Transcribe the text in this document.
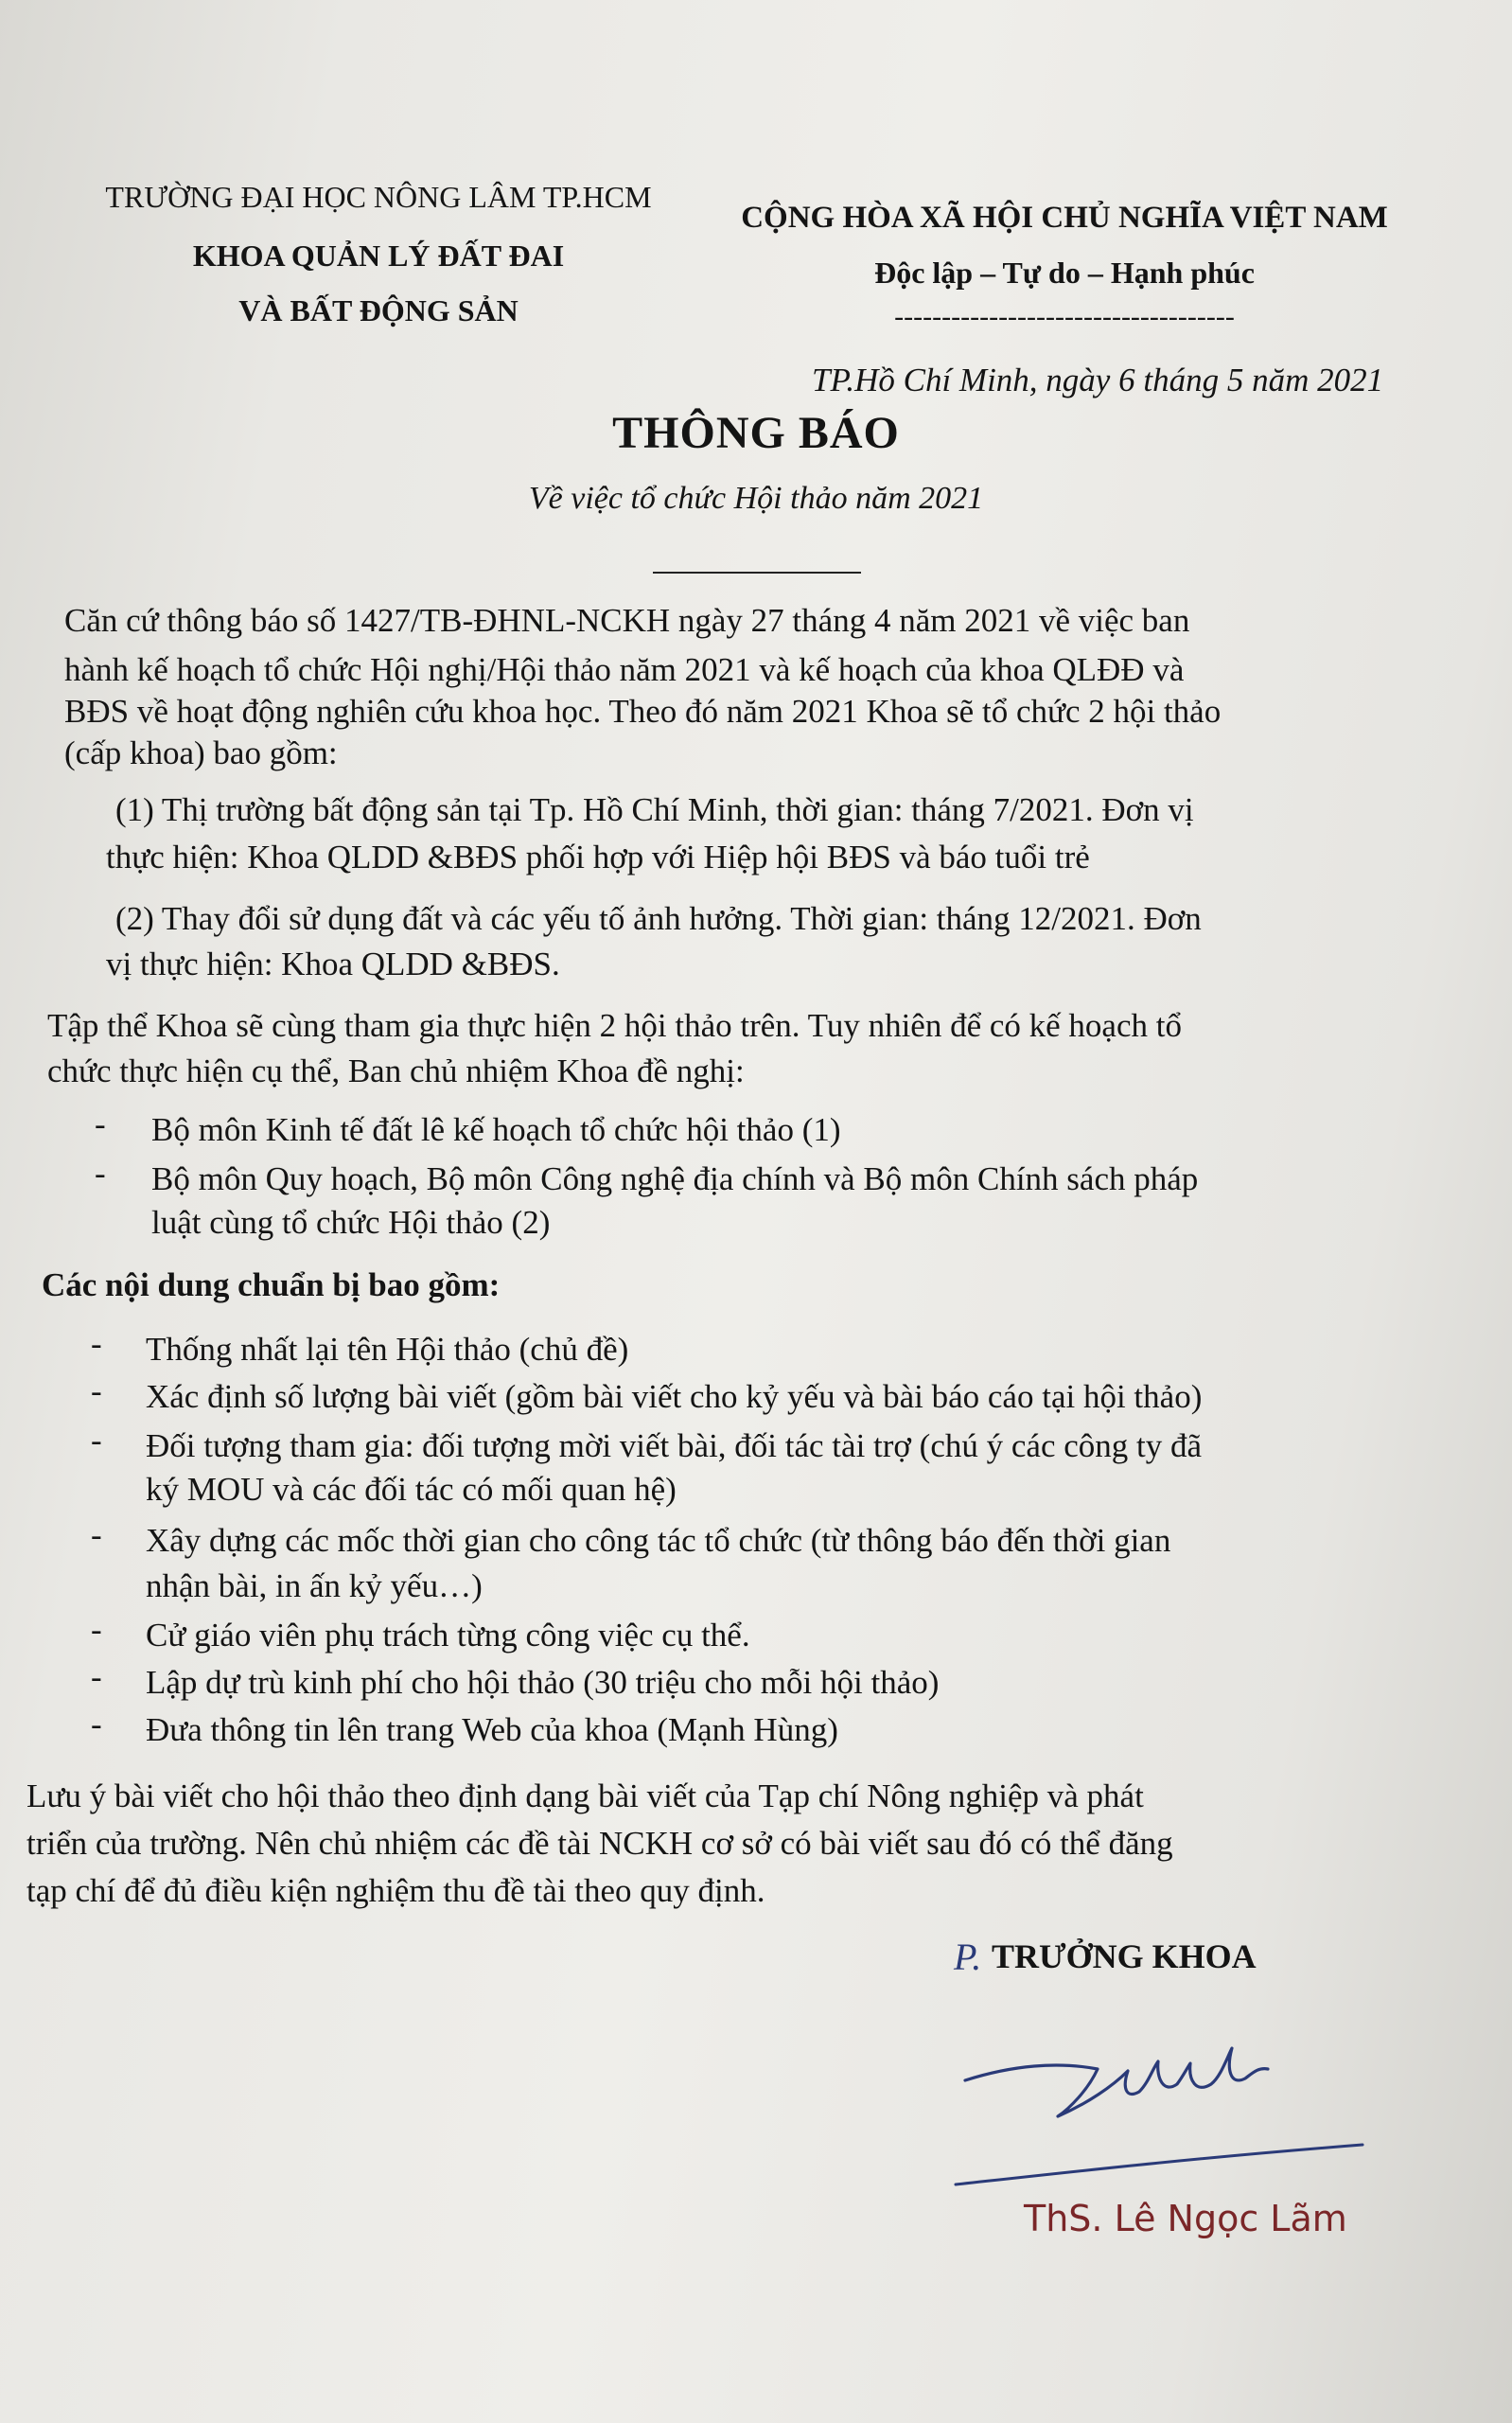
TRƯỜNG ĐẠI HỌC NÔNG LÂM TP.HCM
KHOA QUẢN LÝ ĐẤT ĐAI
VÀ BẤT ĐỘNG SẢN
CỘNG HÒA XÃ HỘI CHỦ NGHĨA VIỆT NAM
Độc lập – Tự do – Hạnh phúc
------------------------------------
TP.Hồ Chí Minh, ngày 6 tháng 5 năm 2021
THÔNG BÁO
Về việc tổ chức Hội thảo năm 2021
Căn cứ thông báo số 1427/TB-ĐHNL-NCKH ngày 27 tháng 4 năm 2021 về việc ban
hành kế hoạch tổ chức Hội nghị/Hội thảo năm 2021 và kế hoạch của khoa QLĐĐ và
BĐS về hoạt động nghiên cứu khoa học. Theo đó năm 2021 Khoa sẽ tổ chức 2 hội thảo
(cấp khoa) bao gồm:
(1) Thị trường bất động sản tại Tp. Hồ Chí Minh, thời gian: tháng 7/2021. Đơn vị
thực hiện: Khoa QLDD &BĐS phối hợp với Hiệp hội BĐS và báo tuổi trẻ
(2) Thay đổi sử dụng đất và các yếu tố ảnh hưởng. Thời gian: tháng 12/2021. Đơn
vị thực hiện: Khoa QLDD &BĐS.
Tập thể Khoa sẽ cùng tham gia thực hiện 2 hội thảo trên. Tuy nhiên để có kế hoạch tổ
chức thực hiện cụ thể, Ban chủ nhiệm Khoa đề nghị:
- Bộ môn Kinh tế đất lê kế hoạch tổ chức hội thảo (1)
- Bộ môn Quy hoạch, Bộ môn Công nghệ địa chính và Bộ môn Chính sách pháp
luật cùng tổ chức Hội thảo (2)
Các nội dung chuẩn bị bao gồm:
- Thống nhất lại tên Hội thảo (chủ đề)
- Xác định số lượng bài viết (gồm bài viết cho kỷ yếu và bài báo cáo tại hội thảo)
- Đối tượng tham gia: đối tượng mời viết bài, đối tác tài trợ (chú ý các công ty đã
ký MOU và các đối tác có mối quan hệ)
- Xây dựng các mốc thời gian cho công tác tổ chức (từ thông báo đến thời gian
nhận bài, in ấn kỷ yếu…)
- Cử giáo viên phụ trách từng công việc cụ thể.
- Lập dự trù kinh phí cho hội thảo (30 triệu cho mỗi hội thảo)
- Đưa thông tin lên trang Web của khoa (Mạnh Hùng)
Lưu ý bài viết cho hội thảo theo định dạng bài viết của Tạp chí Nông nghiệp và phát
triển của trường. Nên chủ nhiệm các đề tài NCKH cơ sở có bài viết sau đó có thể đăng
tạp chí để đủ điều kiện nghiệm thu đề tài theo quy định.
P. TRƯỞNG KHOA
ThS. Lê Ngọc Lãm
